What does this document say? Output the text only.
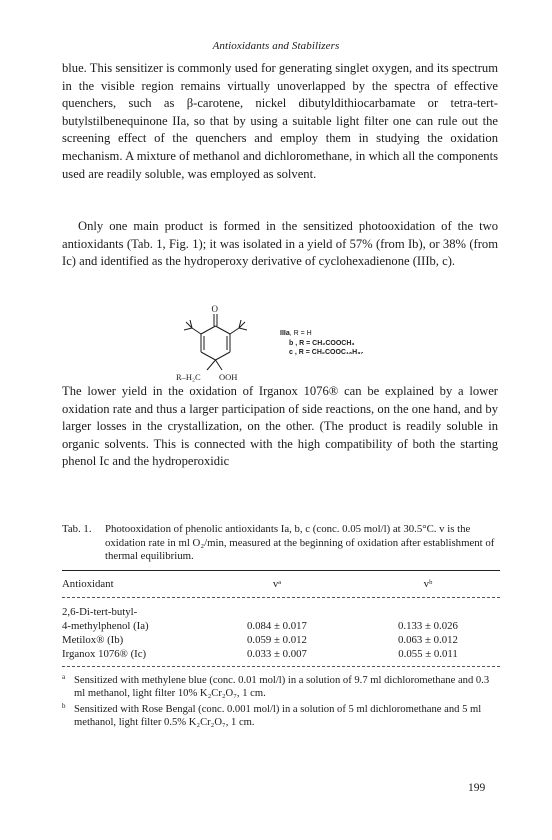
Antioxidants and Stabilizers

blue. This sensitizer is commonly used for generating singlet oxygen, and its spectrum in the visible region remains virtually unoverlapped by the spectra of effective quenchers, such as β-carotene, nickel dibutyldithiocarbamate or tetra-tert-butylstilbenequinone IIa, so that by using a suitable light filter one can rule out the screening effect of the quenchers and employ them in studying the oxidation mechanism. A mixture of methanol and dichloromethane, in which all the components used are readily soluble, was employed as solvent.

Only one main product is formed in the sensitized photooxidation of the two antioxidants (Tab. 1, Fig. 1); it was isolated in a yield of 57% (from Ib), or 38% (from Ic) and identified as the hydroperoxy derivative of cyclohexadienone (IIIb, c).

O
R–H₂C OOH
IIIa, R = H
b , R = CH₂COOCH₃
c , R = CH₂COOC₁₈H₃₇

The lower yield in the oxidation of Irganox 1076® can be explained by a lower oxidation rate and thus a larger participation of side reactions, on the one hand, and by larger losses in the crystallization, on the other. (The product is readily soluble in organic solvents. This is connected with the high compatibility of both the starting phenol Ic and the hydroperoxidic

Tab. 1. Photooxidation of phenolic antioxidants Ia, b, c (conc. 0.05 mol/l) at 30.5°C. v is the oxidation rate in ml O₂/min, measured at the beginning of oxidation after establishment of thermal equilibrium.
Antioxidant	vᵃ	vᵇ
2,6-Di-tert-butyl-
4-methylphenol (Ia)	0.084 ± 0.017	0.133 ± 0.026
Metilox® (Ib)	0.059 ± 0.012	0.063 ± 0.012
Irganox 1076® (Ic)	0.033 ± 0.007	0.055 ± 0.011
a Sensitized with methylene blue (conc. 0.01 mol/l) in a solution of 9.7 ml dichloromethane and 0.3 ml methanol, light filter 10% K₂Cr₂O₇, 1 cm.
b Sensitized with Rose Bengal (conc. 0.001 mol/l) in a solution of 5 ml dichloromethane and 5 ml methanol, light filter 0.5% K₂Cr₂O₇, 1 cm.
199
